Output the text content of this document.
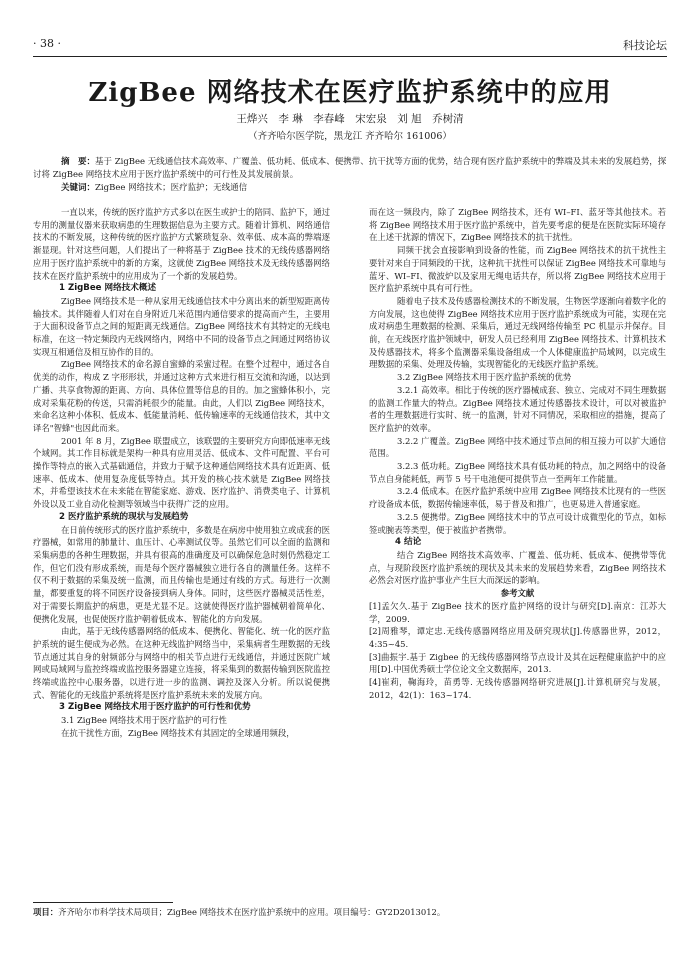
· 38 ·	科技论坛
ZigBee 网络技术在医疗监护系统中的应用
王烨兴　李 琳　李春峰　宋宏泉　刘 旭　乔树清
（齐齐哈尔医学院，黑龙江 齐齐哈尔 161006）
摘　要：基于 ZigBee 无线通信技术高效率、广覆盖、低功耗、低成本、便携带、抗干扰等方面的优势，结合现有医疗监护系统中的弊端及其未来的发展趋势，探讨将 ZigBee 网络技术应用于医疗监护系统中的可行性及其发展前景。
关键词：ZigBee 网络技术；医疗监护；无线通信

一直以来，传统的医疗监护方式多以在医生或护士的陪同、监护下，通过专用的测量仪器来获取病患的生理数据信息为主要方式。随着计算机、网络通信技术的不断发展，这种传统的医疗监护方式繁琐复杂、效率低、成本高的弊端逐渐显现。针对这些问题，人们提出了一种将基于 ZigBee 技术的无线传感器网络应用于医疗监护系统中的新的方案，这就使 ZigBee 网络技术及无线传感器网络技术在医疗监护系统中的应用成为了一个新的发展趋势。

1 ZigBee 网络技术概述

ZigBee 网络技术是一种从家用无线通信技术中分离出来的新型短距离传输技术。其伴随着人们对在自身附近几米范围内通信要求的提高而产生，主要用于大面积设备节点之间的短距离无线通信。ZigBee 网络技术有其特定的无线电标准，在这一特定频段内无线网络内，网络中不同的设备节点之间通过网络协议实现互相通信及相互协作的目的。

ZigBee 网络技术的命名源自蜜蜂的采蜜过程。在整个过程中，通过各自优美的动作，构成 Z 字形形状，并通过这种方式来进行相互交流和沟通，以达到广播、共享食物源的距离、方向、具体位置等信息的目的。加之蜜蜂体积小，完成对采集花粉的传送，只需消耗很少的能量。由此，人们以 ZigBee 网络技术，来命名这种小体积、低成本、低能量消耗、低传输速率的无线通信技术，其中文译名"智蜂"也因此而来。

2001 年 8 月，ZigBee 联盟成立，该联盟的主要研究方向即低速率无线个域网。其工作目标就是架构一种具有应用灵活、低成本、文件可配置、平台可操作等特点的嵌入式基础通信，并致力于赋予这种通信网络技术具有近距离、低速率、低成本、使用复杂度低等特点。其开发的核心技术就是 ZigBee 网络技术，并希望该技术在未来能在智能家庭、游戏、医疗监护、消费类电子、计算机外设以及工业自动化检测等领域当中获得广泛的应用。

2 医疗监护系统的现状与发展趋势

在日前传统形式的医疗监护系统中，多数是在病房中使用独立或成套的医疗器械，如常用的肺量计、血压计、心率测试仪等。虽然它们可以全面的监测和采集病患的各种生理数据，并具有很高的准确度及可以确保危急时刻仍然稳定工作，但它们没有形成系统，而是每个医疗器械独立进行各自的测量任务。这样不仅不利于数据的采集及统一监测，而且传输也是通过有线的方式。每进行一次测量，都要重复的将不同医疗设备接到病人身体。同时，这些医疗器械灵活性差，对于需要长期监护的病患，更是尤显不足。这就使得医疗监护器械朝着简单化、便携化发展，也促使医疗监护朝着低成本、智能化的方向发展。

由此，基于无线传感器网络的低成本、便携化、智能化、统一化的医疗监护系统的诞生便成为必然。在这种无线监护网络当中，采集病者生理数据的无线节点通过其自身的射频部分与网络中的相关节点进行无线通信，并通过医院广域网或局域网与监控终端或监控服务器建立连接，将采集到的数据传输到医院监控终端或监控中心服务器，以进行进一步的监测、调控及深入分析。所以说便携式、智能化的无线监护系统将是医疗监护系统未来的发展方向。

3 ZigBee 网络技术用于医疗监护的可行性和优势

3.1 ZigBee 网络技术用于医疗监护的可行性

在抗干扰性方面，ZigBee 网络技术有其固定的全球通用频段，

而在这一频段内，除了 ZigBee 网络技术，还有 WI–FI、蓝牙等其他技术。若将 ZigBee 网络技术用于医疗监护系统中，首先要考虑的便是在医院实际环境存在上述干扰源的情况下，ZigBee 网络技术的抗干扰性。

同频干扰会直接影响到设备的性能，而 ZigBee 网络技术的抗干扰性主要针对来自于同频段的干扰，这种抗干扰性可以保证 ZigBee 网络技术可靠地与蓝牙、WI–FI、微波炉以及家用无绳电话共存，所以将 ZigBee 网络技术应用于医疗监护系统中具有可行性。

随着电子技术及传感器检测技术的不断发展，生物医学逐渐向着数字化的方向发展，这也使得 ZigBee 网络技术应用于医疗监护系统成为可能，实现在完成对病患生理数据的检测、采集后，通过无线网络传输至 PC 机显示并保存。目前，在无线医疗监护领域中，研发人员已经利用 ZigBee 网络技术、计算机技术及传感器技术，将多个监测器采集设备组成一个人体健康监护局域网，以完成生理数据的采集、处理及传输，实现智能化的无线医疗监护系统。

3.2 ZigBee 网络技术用于医疗监护系统的优势

3.2.1 高效率。相比于传统的医疗器械成套、独立、完成对不同生理数据的监测工作量大的特点。ZigBee 网络技术通过传感器技术设计，可以对被监护者的生理数据进行实时、统一的监测，针对不同情况，采取相应的措施，提高了医疗监护的效率。

3.2.2 广覆盖。ZigBee 网络中技术通过节点间的相互接力可以扩大通信范围。

3.2.3 低功耗。ZigBee 网络技术具有低功耗的特点，加之网络中的设备节点自身能耗低，两节 5 号干电池便可提供节点一至两年工作能量。

3.2.4 低成本。在医疗监护系统中应用 ZigBee 网络技术比现有的一些医疗设备成本低，数据传输速率低，易于普及和推广，也更易进入普通家庭。

3.2.5 便携带。ZigBee 网络技术中的节点可设计成微型化的节点，如标签或腕表等类型，便于被监护者携带。

4 结论

结合 ZigBee 网络技术高效率、广覆盖、低功耗、低成本、便携带等优点，与现阶段医疗监护系统的现状及其未来的发展趋势来看，ZigBee 网络技术必然会对医疗监护事业产生巨大而深远的影响。

参考文献

[1]孟欠久.基于 ZigBee 技术的医疗监护网络的设计与研究[D].南京：江苏大学，2009.

[2]周雅琴，谭定忠.无线传感器网络应用及研究现状[J].传感器世界，2012，4:35~45.

[3]曲振宇.基于 Zigbee 的无线传感器网络节点设计及其在远程健康监护中的应用[D].中国优秀硕士学位论文全文数据库，2013.

[4]崔莉，鞠海玲，苗勇等. 无线传感器网络研究进展[J].计算机研究与发展，2012，42(1)：163~174.

项目：齐齐哈尔市科学技术局项目；ZigBee 网络技术在医疗监护系统中的应用。项目编号：GY2D2013012。
